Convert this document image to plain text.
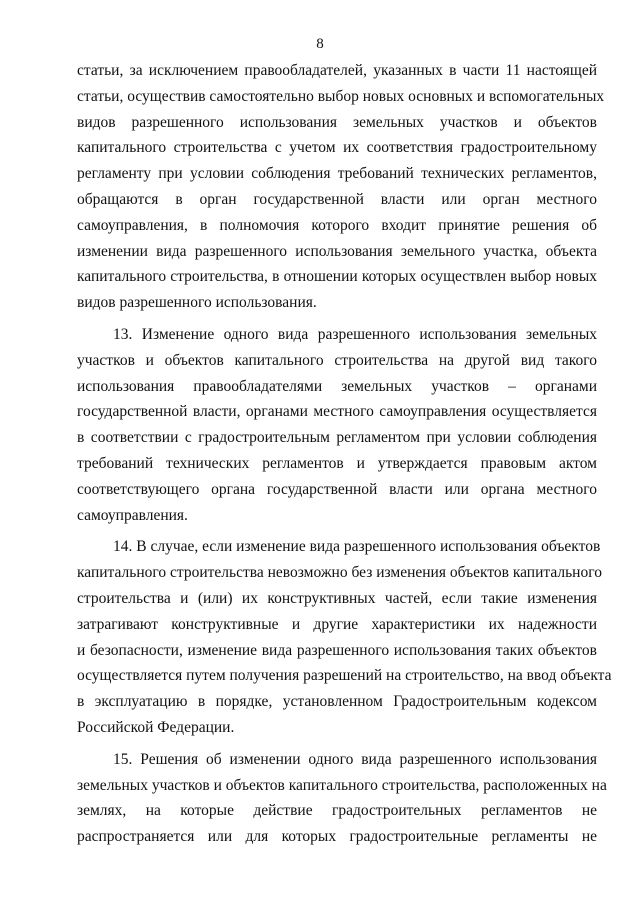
8
статьи, за исключением правообладателей, указанных в части 11 настоящей
статьи, осуществив самостоятельно выбор новых основных и вспомогательных
видов разрешенного использования земельных участков и объектов
капитального строительства с учетом их соответствия градостроительному
регламенту при условии соблюдения требований технических регламентов,
обращаются в орган государственной власти или орган местного
самоуправления, в полномочия которого входит принятие решения об
изменении вида разрешенного использования земельного участка, объекта
капитального строительства, в отношении которых осуществлен выбор новых
видов разрешенного использования.
13. Изменение одного вида разрешенного использования земельных
участков и объектов капитального строительства на другой вид такого
использования правообладателями земельных участков – органами
государственной власти, органами местного самоуправления осуществляется
в соответствии с градостроительным регламентом при условии соблюдения
требований технических регламентов и утверждается правовым актом
соответствующего органа государственной власти или органа местного
самоуправления.
14. В случае, если изменение вида разрешенного использования объектов
капитального строительства невозможно без изменения объектов капитального
строительства и (или) их конструктивных частей, если такие изменения
затрагивают конструктивные и другие характеристики их надежности
и безопасности, изменение вида разрешенного использования таких объектов
осуществляется путем получения разрешений на строительство, на ввод объекта
в эксплуатацию в порядке, установленном Градостроительным кодексом
Российской Федерации.
15. Решения об изменении одного вида разрешенного использования
земельных участков и объектов капитального строительства, расположенных на
землях, на которые действие градостроительных регламентов не
распространяется или для которых градостроительные регламенты не
